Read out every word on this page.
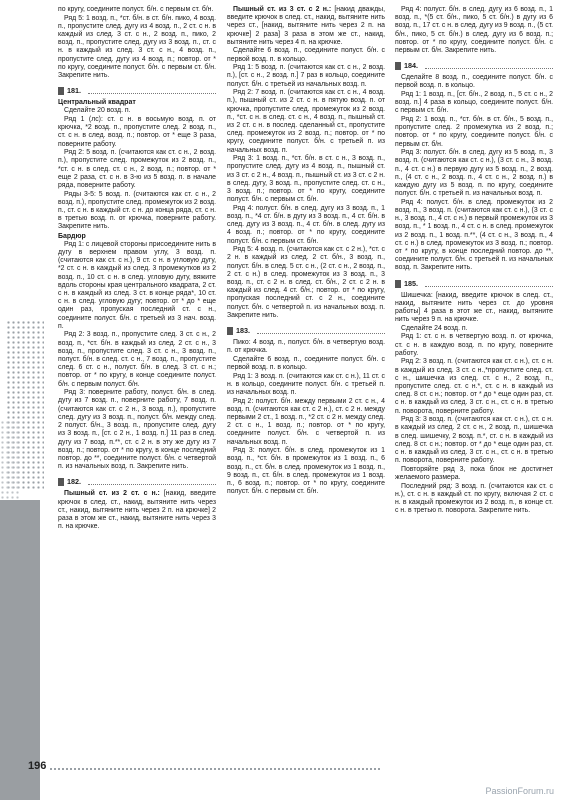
по кругу, соедините полуст. б/н. с первым ст. б/н.

Ряд 5: 1 возд. п., *ст. б/н. в ст. б/н. пико, 4 возд. п., пропустите след. дугу из 4 возд. п., 2 ст. с н. в каждый из след. 3 ст. с н., 2 возд. п., пико, 2 возд. п., пропустите след. дугу из 3 возд. п., ст. с н. в каждый из след. 3 ст. с н., 4 возд. п., пропустите след. дугу из 4 возд. п.; повтор. от * по кругу, соедините полуст. б/н. с первым ст. б/н. Закрепите нить.

181.

Центральный квадрат

Сделайте 20 возд. п.

Ряд 1 (лс): ст. с н. в восьмую возд. п. от крючка, *2 возд. п., пропустите след. 2 возд. п., ст. с н. в след. возд. п.; повтор. от * еще 3 раза, поверните работу.

Ряд 2: 5 возд. п. (считаются как ст. с н., 2 возд. п.), пропустите след. промежуток из 2 возд. п., *ст. с н. в след. ст. с н., 2 возд. п.; повтор. от * еще 2 раза, ст. с н. в 3-ю из 5 возд. п. в начале ряда, поверните работу.

Ряды 3-5: 5 возд. п. (считаются как ст. с н., 2 возд. п.), пропустите след. промежуток из 2 возд. п., ст. с н. в каждый ст. с н. до конца ряда, ст. с н. в третью возд. п. от крючка, поверните работу. Закрепите нить.

Бардюр

Ряд 1: с лицевой стороны присоедините нить в дугу в верхнем правом углу, 3 возд. п. (считаются как ст. с н.), 9 ст. с н. в угловую дугу, *2 ст. с н. в каждый из след. 3 промежутков из 2 возд. п., 10 ст. с н. в след. угловую дугу, вяжите вдоль стороны края центрального квадрата, 2 ст. с н. в каждый из след. 3 ст. в конце ряда*, 10 ст. с н. в след. угловую дугу; повтор. от * до * еще один раз, пропуская последний ст. с н., соедините полуст. б/н. с третьей из 3 нач. возд. п.

Ряд 2: 3 возд. п., пропустите след. 3 ст. с н., 2 возд. п., *ст. б/н. в каждый из след. 2 ст. с н., 3 возд. п., пропустите след. 3 ст. с н., 3 возд. п., полуст. б/н. в след. ст. с н., 7 возд. п., пропустите след. 6 ст. с н., полуст. б/н. в след. 3 ст. с н.; повтор. от * по кругу, в конце соедините полуст. б/н. с первым полуст. б/н.

Ряд 3: поверните работу, полуст. б/н. в след. дугу из 7 возд. п., поверните работу, 7 возд. п. (считаются как ст. с 2 н., 3 возд. п.), пропустите след. дугу из 3 возд. п., полуст. б/н. между след. 2 полуст. б/н., 3 возд. п., пропустите след. дугу из 3 возд. п., [ст. с 2 н., 1 возд. п.] 11 раз в след. дугу из 7 возд. п.**, ст. с 2 н. в эту же дугу из 7 возд. п.; повтор. от * по кругу, в конце последний повтор. до **, соедините полуст. б/н. с четвертой п. из начальных возд. п. Закрепите нить.

182.

Пышный ст. из 2 ст. с н.: [накид, введите крючок в след. ст., накид, вытяните нить через ст., накид, вытяните нить через 2 п. на крючке] 2 раза в этом же ст., накид, вытяните нить через 3 п. на крючке.

Пышный ст. из 3 ст. с 2 н.: [накид дважды, введите крючок в след. ст., накид, вытяните нить через ст., [накид, вытяните нить через 2 п. на крючке] 2 раза] 3 раза в этом же ст., накид, вытяните нить через 4 п. на крючке.

Сделайте 6 возд. п., соедините полуст. б/н. с первой возд. п. в кольцо.

Ряд 1: 5 возд. п. (считаются как ст. с н., 2 возд. п.), [ст. с н., 2 возд. п.] 7 раз в кольцо, соедините полуст. б/н. с третьей из начальных возд. п.

Ряд 2: 7 возд. п. (считаются как ст. с н., 4 возд. п.), пышный ст. из 2 ст. с н. в пятую возд. п. от крючка, пропустите след. промежуток из 2 возд. п., *ст. с н. в след. ст. с н., 4 возд. п., пышный ст. из 2 ст. с н. в послед. сделанный ст., пропустите след. промежуток из 2 возд. п.; повтор. от * по кругу, соедините полуст. б/н. с третьей п. из начальных возд. п.

Ряд 3: 1 возд. п., *ст. б/н. в ст. с н., 3 возд. п., пропустите след. дугу из 4 возд. п., пышный ст. из 3 ст. с 2 н., 4 возд. п., пышный ст. из 3 ст. с 2 н. в след. дугу, 3 возд. п., пропустите след. ст. с н., 3 возд. п.; повтор. от * по кругу, соедините полуст. б/н. с первым ст. б/н.

Ряд 4: полуст. б/н. в след. дугу из 3 возд. п., 1 возд. п., *4 ст. б/н. в дугу из 3 возд. п., 4 ст. б/н. в след. дугу из 3 возд. п., 4 ст. б/н. в след. дугу из 4 возд. п.; повтор. от * по кругу, соедините полуст. б/н. с первым ст. б/н.

Ряд 5: 4 возд. п. (считаются как ст. с 2 н.), *ст. с 2 н. в каждый из след. 2 ст. б/н., 3 возд. п., полуст. б/н. в след. 5 ст. с н., (2 ст. с н., 2 возд. п., 2 ст. с н.) в след. промежуток из 3 возд. п., 3 возд. п., ст. с 2 н. в след. ст. б/н., 2 ст. с 2 н. в каждый из след. 4 ст. б/н.; повтор. от * по кругу, пропуская последний ст. с 2 н., соедините полуст. б/н. с четвертой п. из начальных возд. п. Закрепите нить.

183.

Пико: 4 возд. п., полуст. б/н. в четвертую возд. п. от крючка.

Сделайте 6 возд. п., соедините полуст. б/н. с первой возд. п. в кольцо.

Ряд 1: 3 возд. п. (считаются как ст. с н.), 11 ст. с н. в кольцо, соедините полуст. б/н. с третьей п. из начальных возд. п.

Ряд 2: полуст. б/н. между первыми 2 ст. с н., 4 возд. п. (считаются как ст. с 2 н.), ст. с 2 н. между первыми 2 ст., 1 возд. п., *2 ст. с 2 н. между след. 2 ст. с н., 1 возд. п.; повтор. от * по кругу, соедините полуст. б/н. с четвертой п. из начальных возд. п.

Ряд 3: полуст. б/н. в след. промежуток из 1 возд. п., *ст. б/н. в промежуток из 1 возд. п., 6 возд. п., ст. б/н. в след. промежуток из 1 возд. п., 9 возд. п., ст. б/н. в след. промежуток из 1 возд. п., 6 возд. п.; повтор. от * по кругу, соедините полуст. б/н. с первым ст. б/н.

Ряд 4: полуст. б/н. в след. дугу из 6 возд. п., 1 возд. п., *(5 ст. б/н., пико, 5 ст. б/н.) в дугу из 6 возд. п., 17 ст. с н. в след. дугу из 9 возд. п., (5 ст. б/н., пико, 5 ст. б/н.) в след. дугу из 6 возд. п.; повтор. от * по кругу, соедините полуст. б/н. с первым ст. б/н. Закрепите нить.

184.

Сделайте 8 возд. п., соедините полуст. б/н. с первой возд. п. в кольцо.

Ряд 1: 1 возд. п., [ст. б/н., 2 возд. п., 5 ст. с н., 2 возд. п.] 4 раза в кольцо, соедините полуст. б/н. с первым ст. б/н.

Ряд 2: 1 возд. п., *ст. б/н. в ст. б/н., 5 возд. п., пропустите след. 2 промежутка из 2 возд. п.; повтор. от * по кругу, соедините полуст. б/н. с первым ст. б/н.

Ряд 3: полуст. б/н. в след. дугу из 5 возд. п., 3 возд. п. (считаются как ст. с н.), (3 ст. с н., 3 возд. п., 4 ст. с н.) в первую дугу из 5 возд. п., 2 возд. п., (4 ст. с н., 2 возд. п., 4 ст. с н., 2 возд. п.) в каждую дугу из 5 возд. п. по кругу, соедините полуст. б/н. с третьей п. из начальных возд. п.

Ряд 4: полуст. б/н. в след. промежуток из 2 возд. п., 3 возд. п. (считаются как ст. с н.), (3 ст. с н., 3 возд. п., 4 ст. с н.) в первый промежуток из 3 возд. п., * 1 возд. п., 4 ст. с н. в след. промежуток из 2 возд. п., 1 возд. п.**, (4 ст. с н., 3 возд. п., 4 ст. с н.) в след. промежуток из 3 возд. п.; повтор. от * по кругу, в конце последний повтор. до **, соедините полуст. б/н. с третьей п. из начальных возд. п. Закрепите нить.

185.

Шишечка: [накид, введите крючок в след. ст., накид, вытяните нить через ст. до уровня работы] 4 раза в этот же ст., накид, вытяните нить через 9 п. на крючке.

Сделайте 24 возд. п.

Ряд 1: ст. с н. в четвертую возд. п. от крючка, ст. с н. в каждую возд. п. по кругу, поверните работу.

Ряд 2: 3 возд. п. (считаются как ст. с н.), ст. с н. в каждый из след. 3 ст. с н.,*пропустите след. ст. с н., шишечка из след. ст. с н., 2 возд. п., пропустите след. ст. с н.*, ст. с н. в каждый из след. 8 ст. с н.; повтор. от * до * еще один раз, ст. с н. в каждый из след. 3 ст. с н., ст. с н. в третью п. поворота, поверните работу.

Ряд 3: 3 возд. п. (считаются как ст. с н.), ст. с н. в каждый из след. 2 ст. с н., 2 возд. п., шишечка в след. шишечку, 2 возд. п.*, ст. с н. в каждый из след. 8 ст. с н.; повтор. от * до * еще один раз, ст. с н. в каждый из след. 3 ст. с н., ст. с н. в третью п. поворота, поверните работу.

Повторяйте ряд 3, пока блок не достигнет желаемого размера.

Последний ряд: 3 возд. п. (считаются как ст. с н.), ст. с н. в каждый ст. по кругу, включая 2 ст. с н. в каждый промежуток из 2 возд. п., в конце ст. с н. в третью п. поворота. Закрепите нить.

196
PassionForum.ru
